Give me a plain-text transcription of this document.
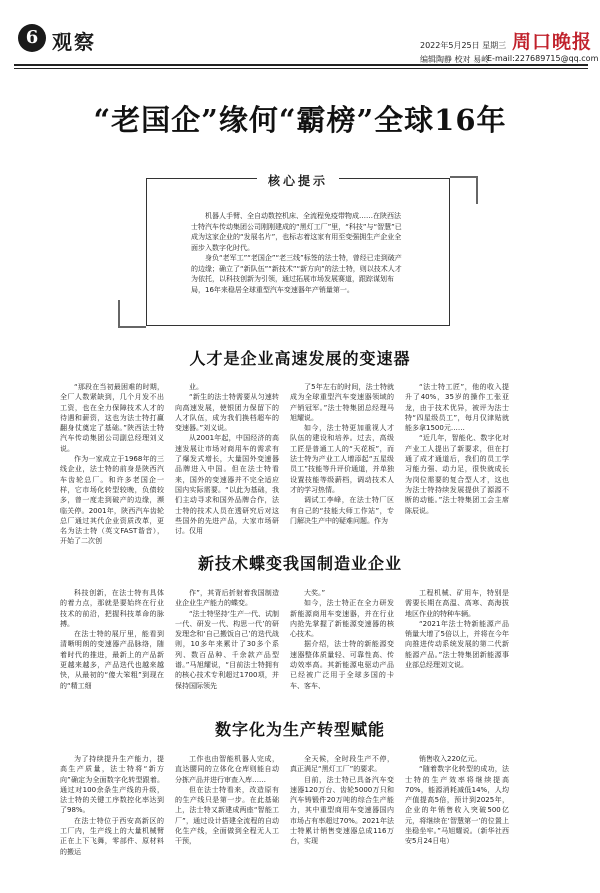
6 观察	2022年5月25日 星期三 周口晚报
编辑陶静 校对 易岭
E-mail:227689715@qq.com
“老国企”缘何“霸榜”全球16年
核心提示

机器人手臂、全自动数控机床、全流程免疫带物成……在陕西法士特汽车传动集团公司刚刚建成的“黑灯工厂”里，“科技”与“智慧”已成为这家企业的“发展名片”，也标志着这家有用至变强拥生产企业全面步入数字化时代。

身负“老军工”“老国企”“老三线”标签的法士特，曾经已走到破产的边缘；确立了“新队伍”“新技术”“新方向”的法士特，则以技术人才为依托，以科技创新为引领，通过拓展市场发展赛道，跟踪谋划布局，16年来稳居全球重型汽车变速器年产销量第一。

人才是企业高速发展的变速器

“那段在当初最困难的时期，全厂人数紧缺到，几个月发不出工资，也在全力保障技术人才的待遇和薪资，这也为法士特打赢翻身仗奠定了基础。”陕西法士特汽车传动集团公司副总经理刘义说。

作为一家成立于1968年的三线企业，法士特的前身是陕西汽车齿轮总厂。和许多老国企一样，它市场化转型较晚，负债较多，曾一度走到破产的边缘，濒临关停。2001年，陕西汽车齿轮总厂通过其代企业资质改革，更名为法士特（英文FAST谐音），开始了二次创

业。

“新生的法士特需要从匀速转向高速发展，使银团力保留下的人才队伍，成为我们换档超车的变速器。”刘义说。

从2001年起，中国经济的高速发展让市场对商用车的需求有了爆发式增长，大量国外变速器品牌进入中国。但在法士特看来，国外的变速器并不完全适应国内实际需要。“以此为基础，我们主动寻求和国外品牌合作，法士特的技术人员在透研究后对这些国外的先进产品，大家市场研讨。仅用

了5年左右的时间，法士特就成为全球重型汽车变速器领域的产销冠军。”法士特集团总经理马旭耀说。

如今，法士特更加重视人才队伍的建设和培养。过去，高级工匠是普通工人的“天花板”，而法士特为产业工人增添起“五星级员工”技能等升评价通道，并单独设置技能等级薪档，调动技术人才的学习热情。

调试工李峰，在法士特厂区有自己的“技能大师工作站”，专门解决生产中的疑难问题。作为

“法士特工匠”，他的收入提升了40%，35岁的操作工张亚龙，由于技术优异，被评为法士特“四星级员工”，每月仅津贴就能多拿1500元……

“近几年，智能化、数字化对产业工人提出了新要求，但在打通了成才通道后，我们的员工学习能力强、动力足，很快就成长为岗位需要的复合型人才，这也为法士特持续发展提供了源源不断的动能。”法士特集团工会主席陈辰说。

新技术蝶变我国制造业企业

科技创新，在法士特有具体的着力点，那就是要始终在行业技术的前沿，把握科技革命的脉搏。

在法士特的展厅里，能看到清晰明朗的变速器产品脉络，随着时代的推进，最新上的产品新更越来越多，产品迭代也越来越快，从最初的“傻大笨粗”到现在的“精工细

作”，其背后折射着我国制造业企业生产能力的蝶变。

“法士特坚持‘生产一代、试制一代、研发一代、构思一代’的研发理念和‘自己搬饭自己’的迭代战则，10多年来累计了30多个系列、数百品种、千余款产品型谱。”马旭耀说，“目前法士特拥有的核心技术专利超过1700项，并保持国际领先

大奖。”

如今，法士特正在全力研发新能源商用车变速器，并在行业内抢先掌握了新能源变速器的核心技术。

据介绍，法士特的新能源变速器整体质量轻、可靠性高、传动效率高。其新能源电驱动产品已经被广泛用于全球多国的卡车、客车、

工程机械、矿用车，特别是需要长期在高温、高寒、高海拔地区作业的特种车辆。

“2021年法士特新能源产品销量大增了5倍以上，并将在今年向推进传动系统发展的第二代新能源产品。”法士特集团新能源事业部总经理刘文说。

数字化为生产转型赋能

为了持续提升生产能力，提高生产质量，法士特将“新方向”确定为全面数字化转型跟着。通过对100余条生产线的升级，法士特的关键工序数控化率达到了98%。

在法士特位于西安高新区的工厂内，生产线上的大量机械臂正在上下飞舞，零部件、原材料的搬运

工作也由智能机器人完成，直达腰同的立体化仓库则能自动分拣产品并进行审查入库……

但在法士特看来，改造原有的生产线只是第一步。在此基础上，法士特又新建成两座“智能工厂”，通过设计搭建全流程的自动化生产线，全面做到全程无人工干预，

全天候，全时段生产不停，真正满足“黑灯工厂”的要求。

目前，法士特已具备汽车变速器120万台、齿轮5000万只和汽车铸锻件20万吨的综合生产能力，其中重型商用车变速器国内市场占有率超过70%。2021年法士特累计销售变速器总成116万台，实现

销售收入220亿元。

“随着数字化转型的成功，法士特的生产效率将继续提高70%，能源消耗减低14%，人均产值提高5倍，预计到2025年，企业的年销售收入突破500亿元，将继续在‘智慧第一’的位置上坐稳坐牢。”马旭耀说。（新华社西安5月24日电）
